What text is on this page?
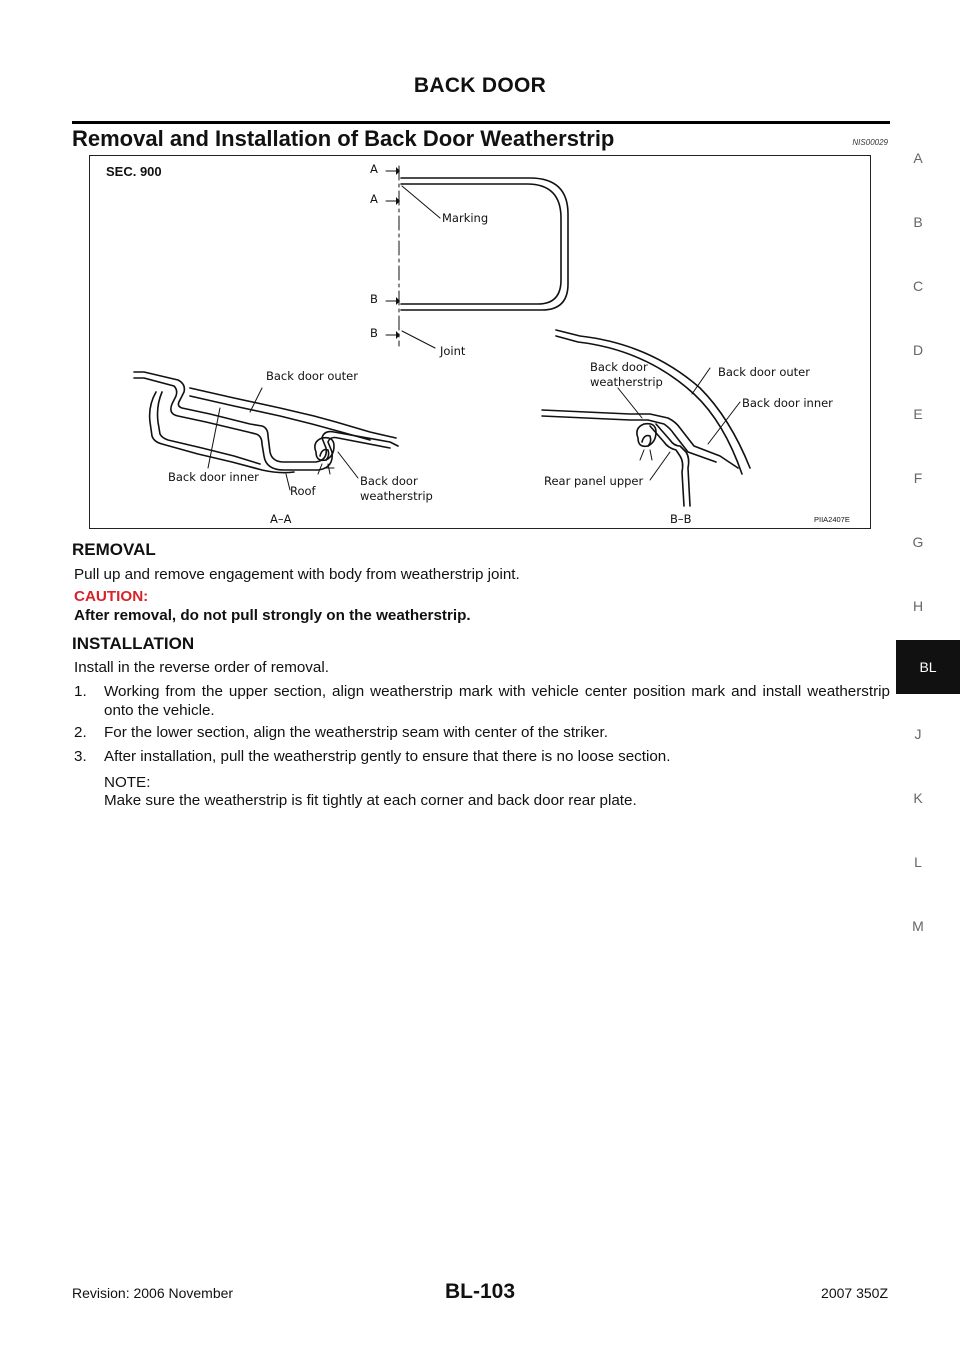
BACK DOOR
Removal and Installation of Back Door Weatherstrip	NIS00029
A
B
C
D
E
F
G
H
BL
J
K
L
M
SEC. 900	A
A
B
B
Marking
Joint
Back door outer
Back door inner
Roof
Back door
weatherstrip
Back door
weatherstrip
Back door outer
Back door inner
Rear panel upper
A–A	B–B	PIIA2407E
REMOVAL
Pull up and remove engagement with body from weatherstrip joint.
CAUTION:
After removal, do not pull strongly on the weatherstrip.
INSTALLATION
Install in the reverse order of removal.
1. Working from the upper section, align weatherstrip mark with vehicle center position mark and install weatherstrip onto the vehicle.
2. For the lower section, align the weatherstrip seam with center of the striker.
3. After installation, pull the weatherstrip gently to ensure that there is no loose section.
NOTE:
Make sure the weatherstrip is fit tightly at each corner and back door rear plate.
Revision: 2006 November	BL-103	2007 350Z
